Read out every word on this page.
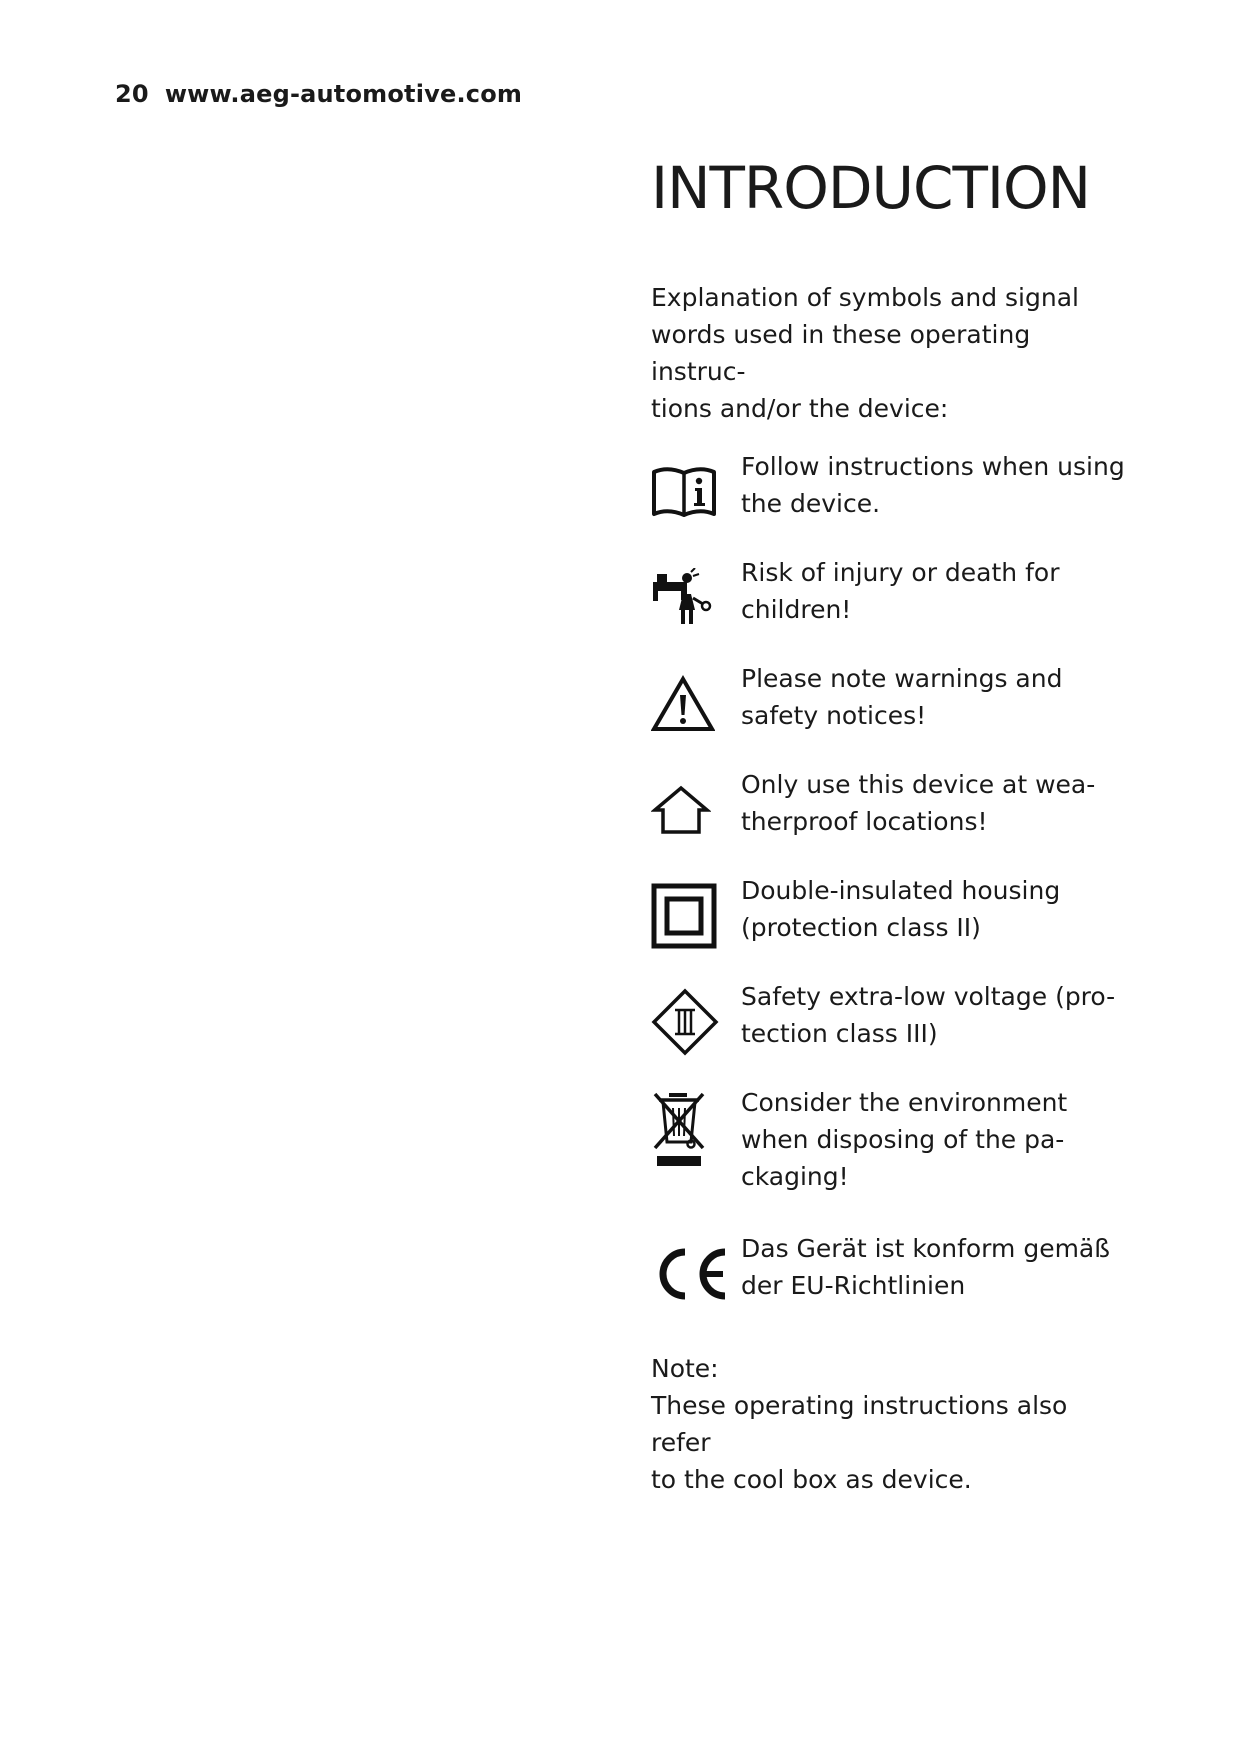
20 www.aeg-automotive.com
INTRODUCTION

Explanation of symbols and signal
words used in these operating instruc-
tions and/or the device:

Follow instructions when using
the device.
Risk of injury or death for
children!
Please note warnings and
safety notices!
Only use this device at wea-
therproof locations!
Double-insulated housing
(protection class II)
Safety extra-low voltage (pro-
tection class III)
Consider the environment
when disposing of the pa-
ckaging!
Das Gerät ist konform gemäß
der EU-Richtlinien
Note:
These operating instructions also refer
to the cool box as device.
